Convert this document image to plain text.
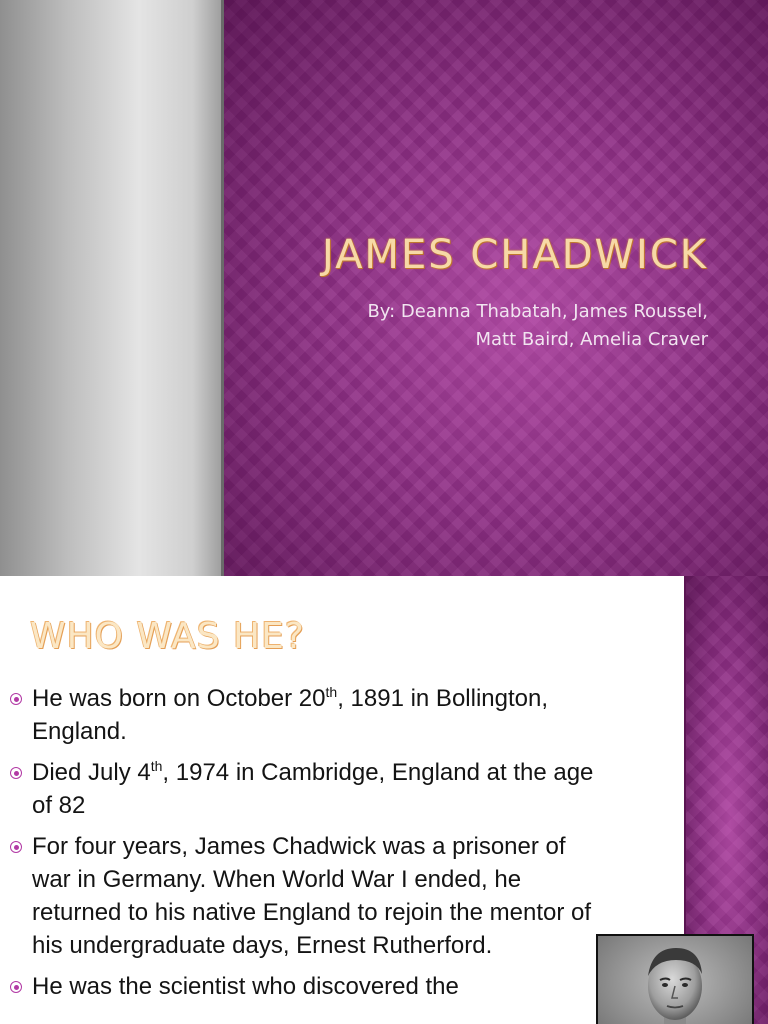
JAMES CHADWICK
By: Deanna Thabatah, James Roussel,
Matt Baird, Amelia Craver
WHO WAS HE?
He was born on October 20th, 1891 in Bollington, England.
Died July 4th, 1974 in Cambridge, England at the age of 82
For four years, James Chadwick was a prisoner of war in Germany. When World War I ended, he returned to his native England to rejoin the mentor of his undergraduate days, Ernest Rutherford.
He was the scientist who discovered the
